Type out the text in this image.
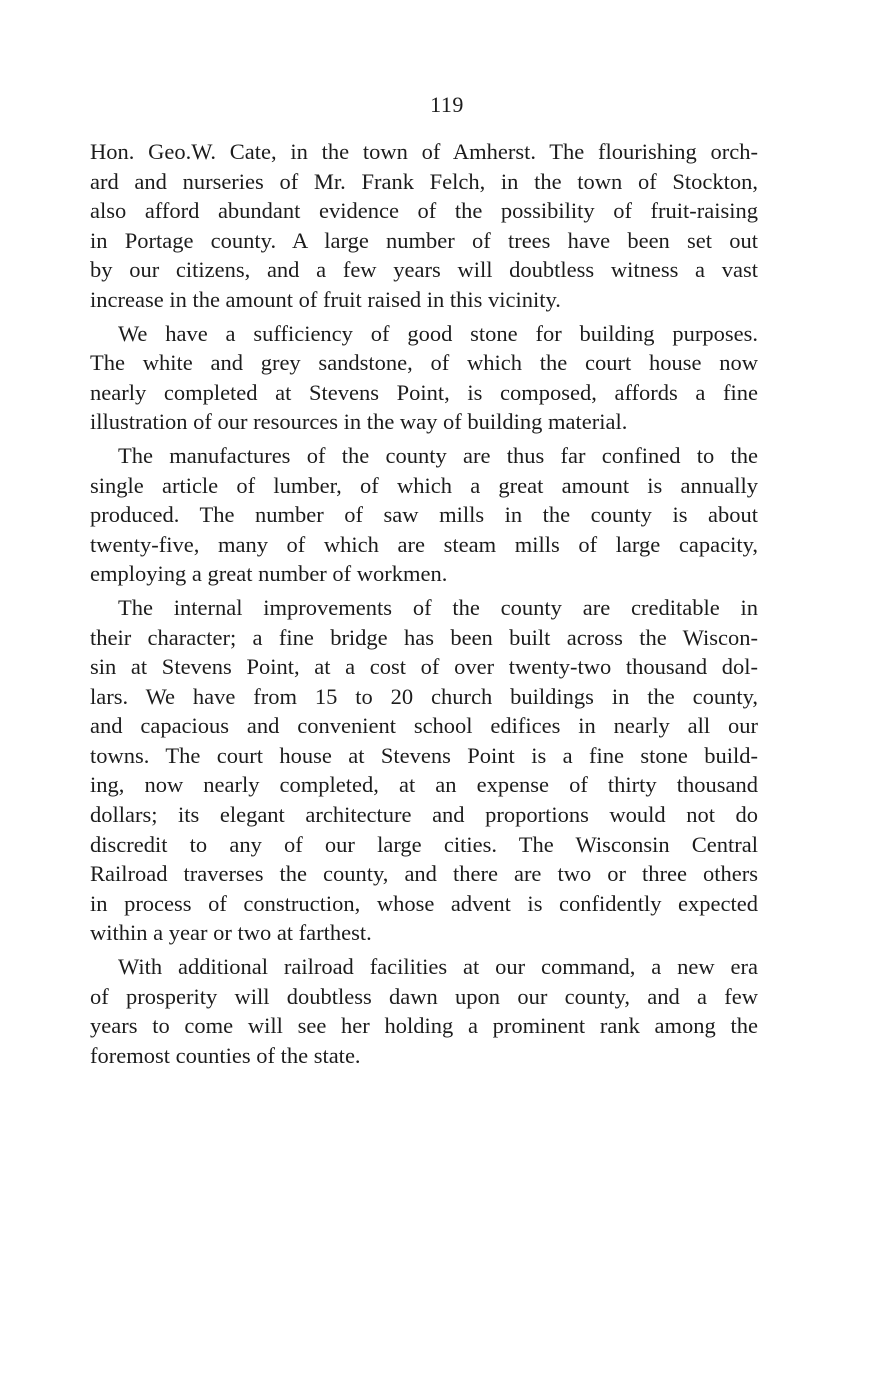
119
Hon. Geo.W. Cate, in the town of Amherst. The flourishing orch-
ard and nurseries of Mr. Frank Felch, in the town of Stockton,
also afford abundant evidence of the possibility of fruit-raising
in Portage county. A large number of trees have been set out
by our citizens, and a few years will doubtless witness a vast
increase in the amount of fruit raised in this vicinity.
We have a sufficiency of good stone for building purposes.
The white and grey sandstone, of which the court house now
nearly completed at Stevens Point, is composed, affords a fine
illustration of our resources in the way of building material.
The manufactures of the county are thus far confined to the
single article of lumber, of which a great amount is annually
produced. The number of saw mills in the county is about
twenty-five, many of which are steam mills of large capacity,
employing a great number of workmen.
The internal improvements of the county are creditable in
their character; a fine bridge has been built across the Wiscon-
sin at Stevens Point, at a cost of over twenty-two thousand dol-
lars. We have from 15 to 20 church buildings in the county,
and capacious and convenient school edifices in nearly all our
towns. The court house at Stevens Point is a fine stone build-
ing, now nearly completed, at an expense of thirty thousand
dollars; its elegant architecture and proportions would not do
discredit to any of our large cities. The Wisconsin Central
Railroad traverses the county, and there are two or three others
in process of construction, whose advent is confidently expected
within a year or two at farthest.
With additional railroad facilities at our command, a new era
of prosperity will doubtless dawn upon our county, and a few
years to come will see her holding a prominent rank among the
foremost counties of the state.
